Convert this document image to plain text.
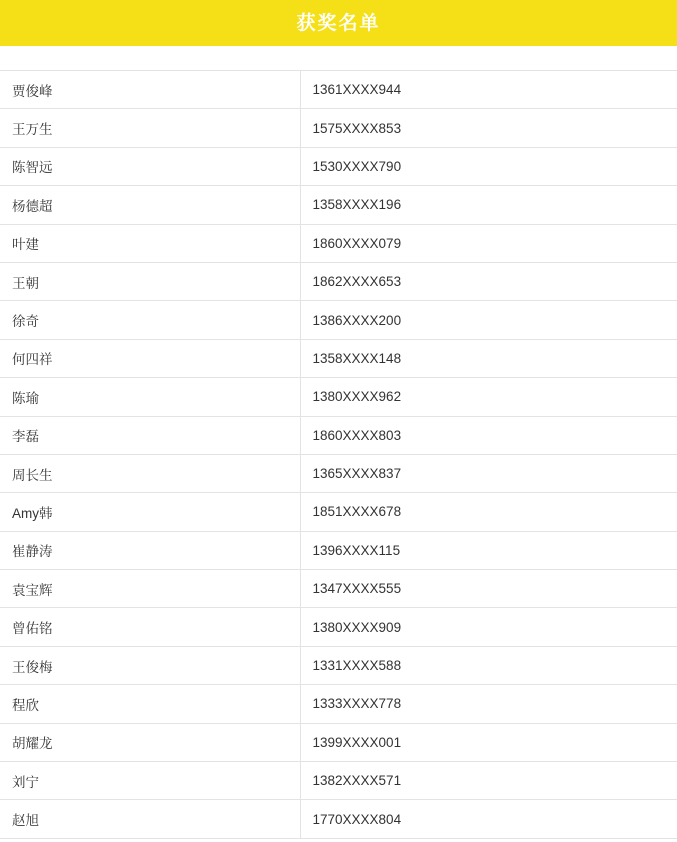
获奖名单
贾俊峰	1361XXXX944
王万生	1575XXXX853
陈智远	1530XXXX790
杨德超	1358XXXX196
叶建	1860XXXX079
王朝	1862XXXX653
徐奇	1386XXXX200
何四祥	1358XXXX148
陈瑜	1380XXXX962
李磊	1860XXXX803
周长生	1365XXXX837
Amy韩	1851XXXX678
崔静涛	1396XXXX115
袁宝辉	1347XXXX555
曾佑铭	1380XXXX909
王俊梅	1331XXXX588
程欣	1333XXXX778
胡耀龙	1399XXXX001
刘宁	1382XXXX571
赵旭	1770XXXX804
